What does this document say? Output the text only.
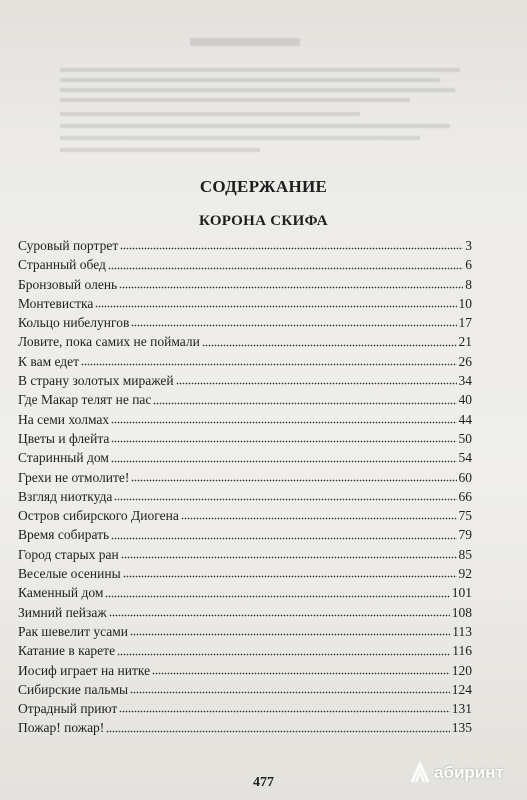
СОДЕРЖАНИЕ
КОРОНА СКИФА
Суровый портрет	3
Странный обед	6
Бронзовый олень	8
Монтевистка	10
Кольцо нибелунгов	17
Ловите, пока самих не поймали	21
К вам едет	26
В страну золотых миражей	34
Где Макар телят не пас	40
На семи холмах	44
Цветы и флейта	50
Старинный дом	54
Грехи не отмолите!	60
Взгляд ниоткуда	66
Остров сибирского Диогена	75
Время собирать	79
Город старых ран	85
Веселые осенины	92
Каменный дом	101
Зимний пейзаж	108
Рак шевелит усами	113
Катание в карете	116
Иосиф играет на нитке	120
Сибирские пальмы	124
Отрадный приют	131
Пожар! пожар!	135
477
абиринт
